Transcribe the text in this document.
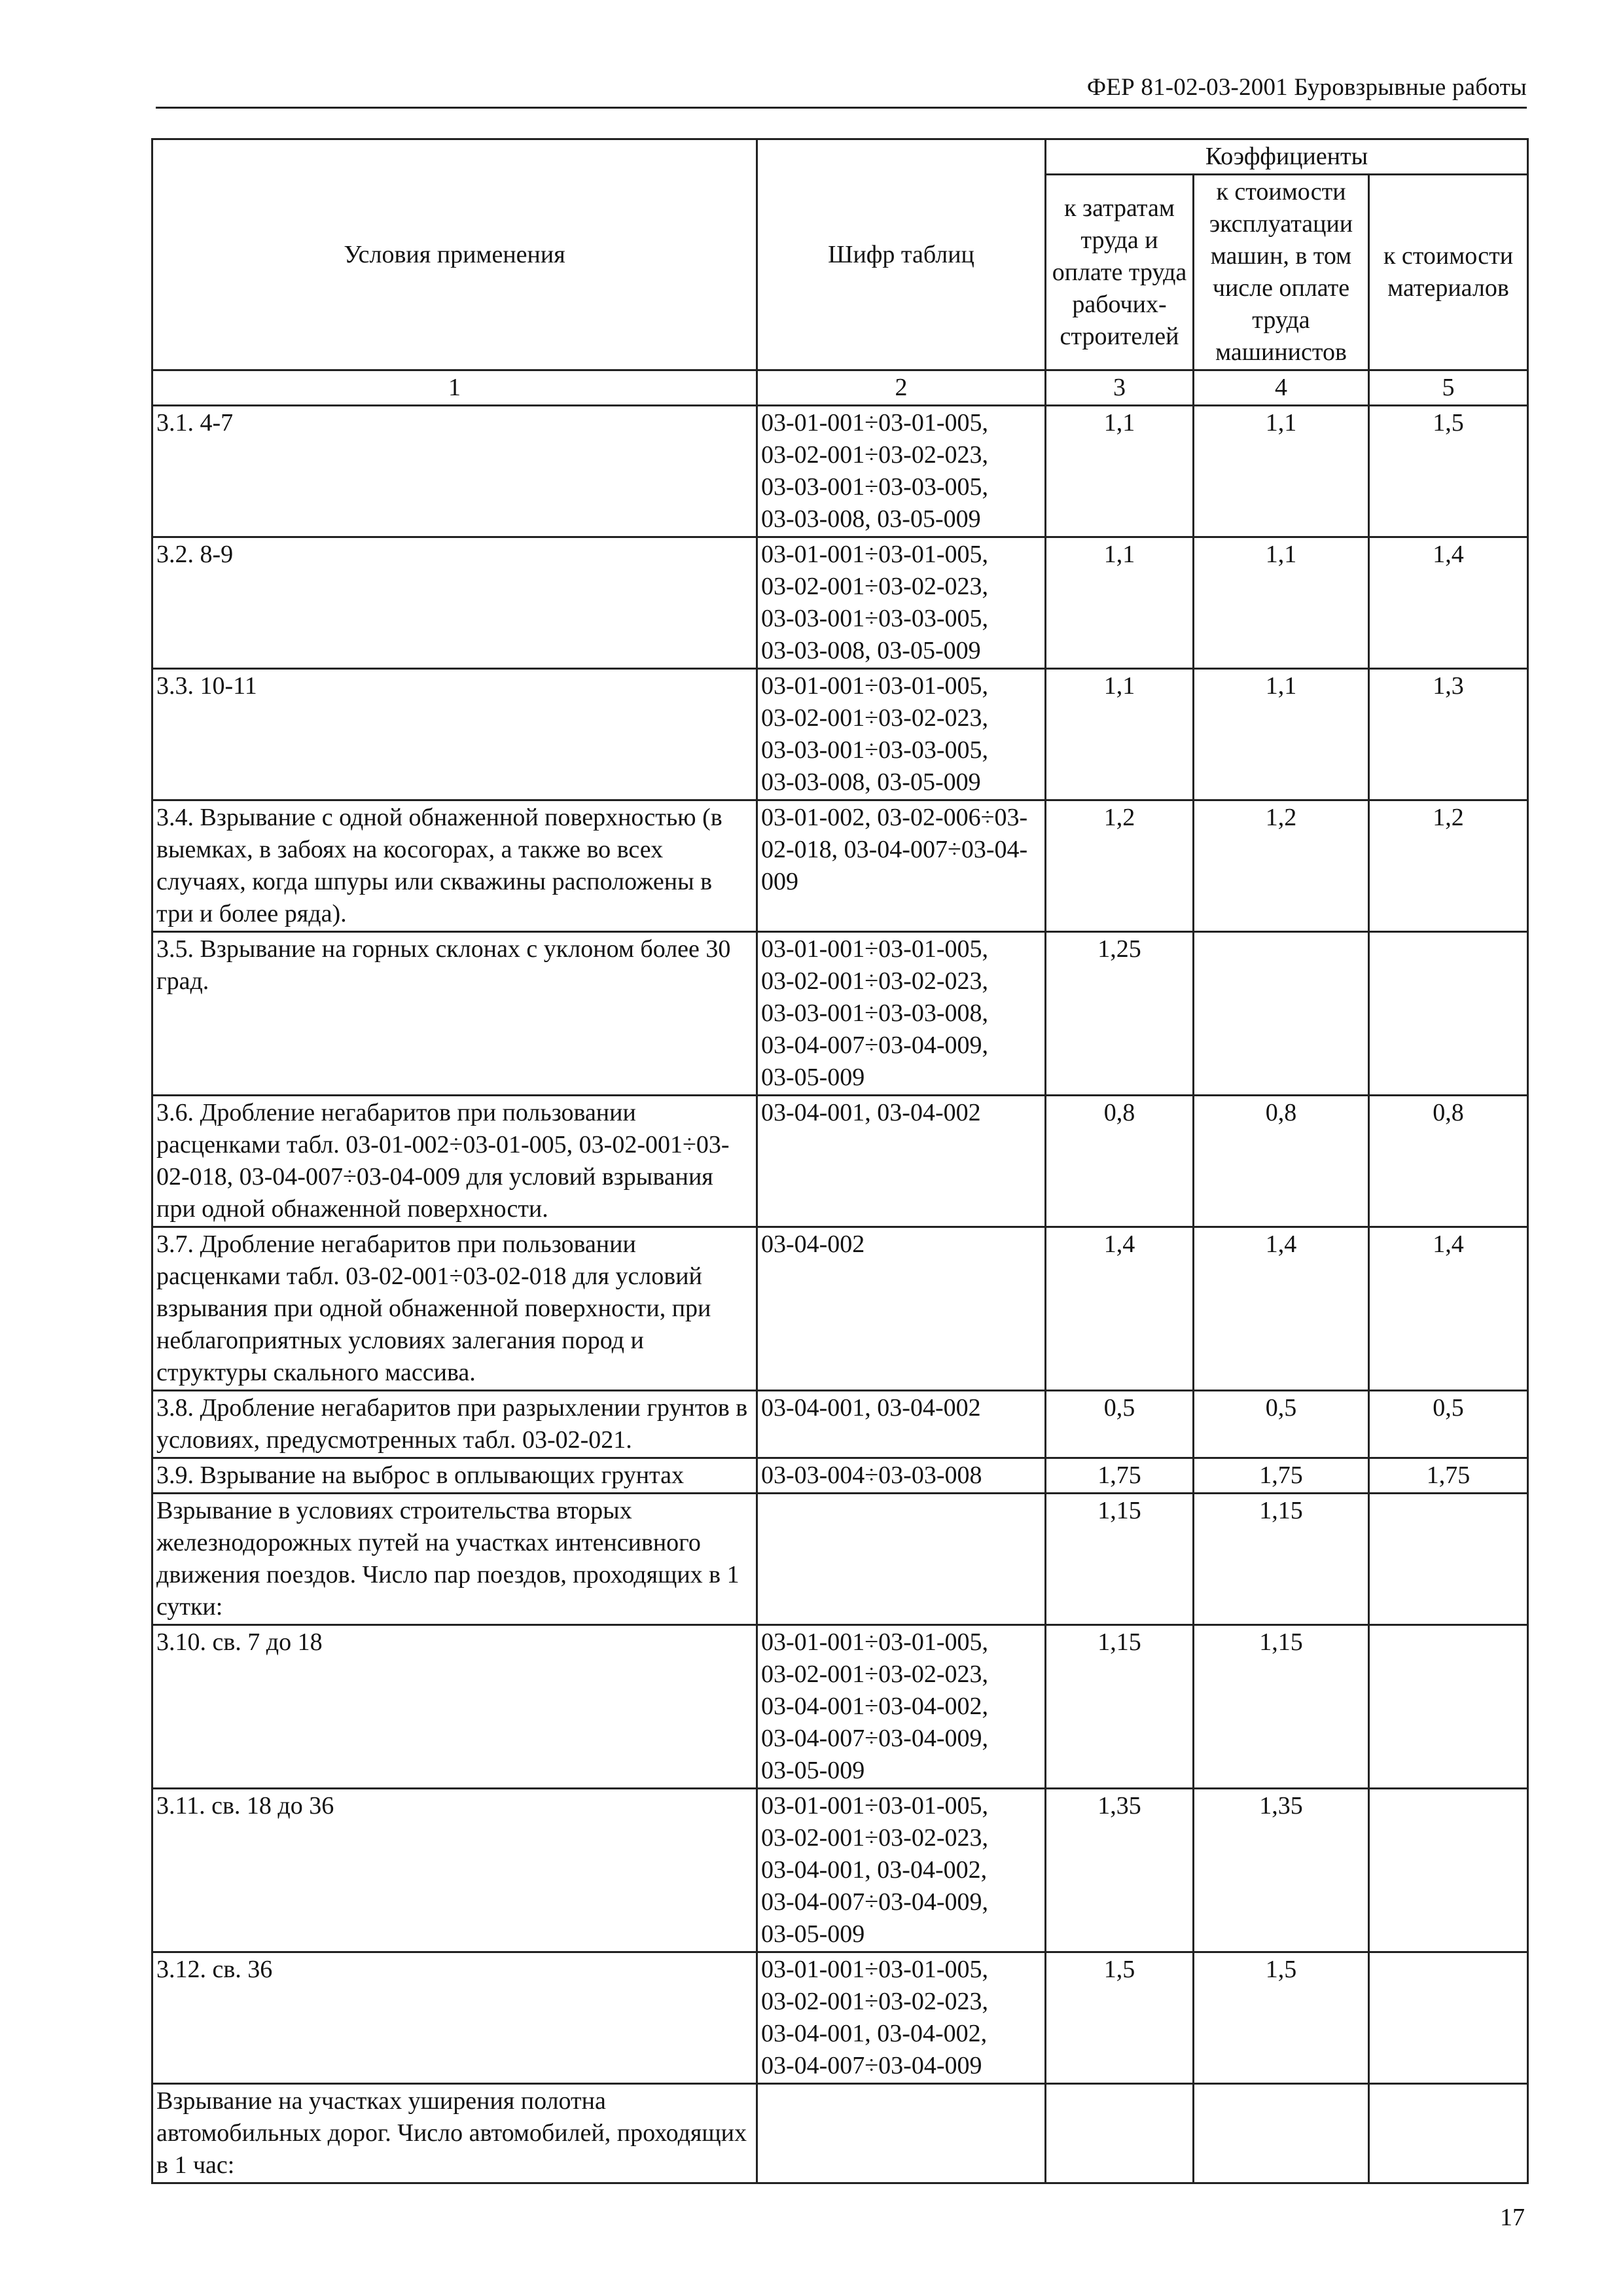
ФЕР 81-02-03-2001 Буровзрывные работы
Условия применения	Шифр таблиц	Коэффициенты		
		к затратам труда и оплате труда рабочих-строителей	к стоимости эксплуатации машин, в том числе оплате труда машинистов	к стоимости материалов
1	2	3	4	5
3.1. 4-7	03-01-001÷03-01-005,
03-02-001÷03-02-023,
03-03-001÷03-03-005,
03-03-008, 03-05-009	1,1	1,1	1,5
3.2. 8-9	03-01-001÷03-01-005,
03-02-001÷03-02-023,
03-03-001÷03-03-005,
03-03-008, 03-05-009	1,1	1,1	1,4
3.3. 10-11	03-01-001÷03-01-005,
03-02-001÷03-02-023,
03-03-001÷03-03-005,
03-03-008, 03-05-009	1,1	1,1	1,3
3.4. Взрывание с одной обнаженной поверхностью (в выемках, в забоях на косогорах, а также во всех случаях, когда шпуры или скважины расположены в три и более ряда).	03-01-002, 03-02-006÷03-02-018, 03-04-007÷03-04-009	1,2	1,2	1,2
3.5. Взрывание на горных склонах с уклоном более 30 град.	03-01-001÷03-01-005,
03-02-001÷03-02-023,
03-03-001÷03-03-008,
03-04-007÷03-04-009,
03-05-009	1,25		
3.6. Дробление негабаритов при пользовании расценками табл. 03-01-002÷03-01-005, 03-02-001÷03-02-018, 03-04-007÷03-04-009 для условий взрывания при одной обнаженной поверхности.	03-04-001, 03-04-002	0,8	0,8	0,8
3.7. Дробление негабаритов при пользовании расценками табл. 03-02-001÷03-02-018 для условий взрывания при одной обнаженной поверхности, при неблагоприятных условиях залегания пород и структуры скального массива.	03-04-002	1,4	1,4	1,4
3.8. Дробление негабаритов при разрыхлении грунтов в условиях, предусмотренных табл. 03-02-021.	03-04-001, 03-04-002	0,5	0,5	0,5
3.9. Взрывание на выброс в оплывающих грунтах	03-03-004÷03-03-008	1,75	1,75	1,75
Взрывание в условиях строительства вторых железнодорожных путей на участках интенсивного движения поездов. Число пар поездов, проходящих в 1 сутки:		1,15	1,15	
3.10. св. 7 до 18	03-01-001÷03-01-005,
03-02-001÷03-02-023,
03-04-001÷03-04-002,
03-04-007÷03-04-009,
03-05-009	1,15	1,15	
3.11. св. 18 до 36	03-01-001÷03-01-005,
03-02-001÷03-02-023,
03-04-001, 03-04-002,
03-04-007÷03-04-009,
03-05-009	1,35	1,35	
3.12. св. 36	03-01-001÷03-01-005,
03-02-001÷03-02-023,
03-04-001, 03-04-002,
03-04-007÷03-04-009	1,5	1,5	
Взрывание на участках уширения полотна автомобильных дорог. Число автомобилей, проходящих в 1 час:				
17
